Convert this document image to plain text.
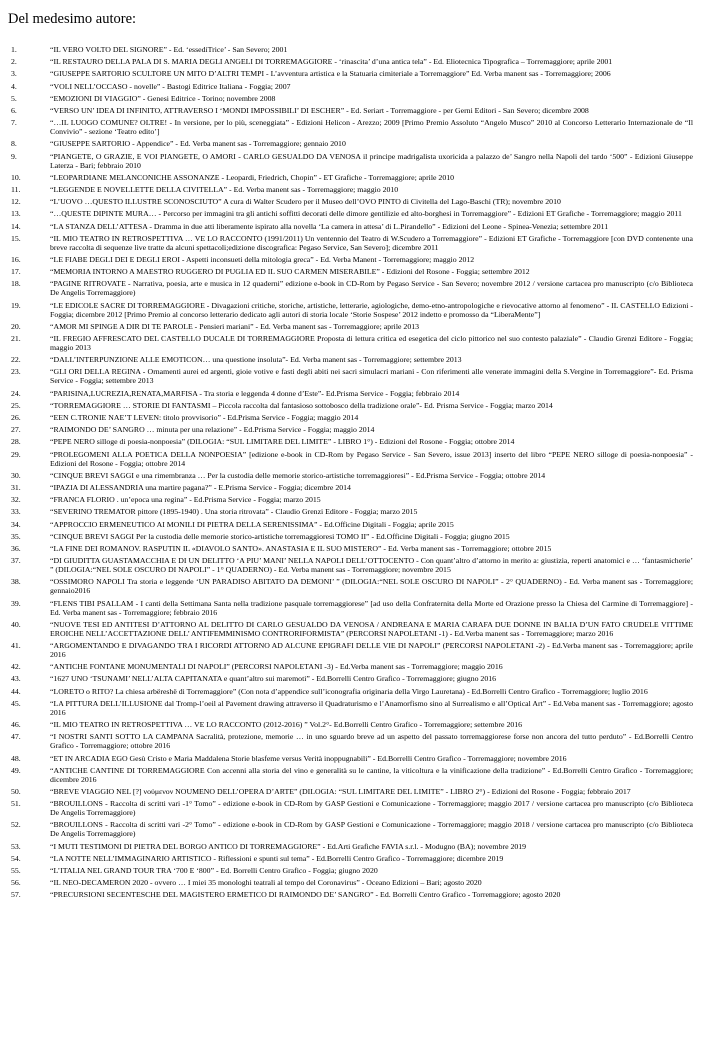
Del medesimo autore:
1.	“IL VERO VOLTO DEL SIGNORE” - Ed. ‘essediTrice’ - San Severo; 2001
2.	“IL RESTAURO DELLA PALA DI S. MARIA DEGLI ANGELI DI TORREMAGGIORE - ‘rinascita’ d’una antica tela” - Ed. Eliotecnica Tipografica – Torremaggiore; aprile 2001
3.	“GIUSEPPE SARTORIO SCULTORE UN MITO D’ALTRI TEMPI - L’avventura artistica e la Statuaria cimiteriale a Torremaggiore” Ed. Verba manent sas - Torremaggiore; 2006
4.	“VOLI NELL’OCCASO - novelle” - Bastogi Editrice Italiana - Foggia; 2007
5.	“EMOZIONI DI VIAGGIO” - Genesi Editrice - Torino; novembre 2008
6.	“VERSO UN’ IDEA DI INFINITO, ATTRAVERSO I ‘MONDI IMPOSSIBILI’ DI ESCHER” - Ed. Seriart - Torremaggiore - per Gerni Editori - San Severo; dicembre 2008
7.	“…IL LUOGO COMUNE? OLTRE! - In versione, per lo più, sceneggiata” - Edizioni Helicon - Arezzo; 2009 [Primo Premio Assoluto “Angelo Musco” 2010 al Concorso Letterario Internazionale de “Il Convivio” - sezione ‘Teatro edito’]
8.	“GIUSEPPE SARTORIO - Appendice” - Ed. Verba manent sas - Torremaggiore; gennaio 2010
9.	“PIANGETE, O GRAZIE, E VOI PIANGETE, O AMORI - CARLO GESUALDO DA VENOSA il principe madrigalista uxoricida a palazzo de’ Sangro nella Napoli del tardo ‘500” - Edizioni Giuseppe Laterza - Bari; febbraio 2010
10.	“LEOPARDIANE MELANCONICHE ASSONANZE - Leopardi, Friedrich, Chopin” - ET Grafiche - Torremaggiore; aprile 2010
11.	“LEGGENDE E NOVELLETTE DELLA CIVITELLA” - Ed. Verba manent sas - Torremaggiore; maggio 2010
12.	“L’UOVO …QUESTO ILLUSTRE SCONOSCIUTO” A cura di Walter Scudero per il Museo dell’OVO PINTO di Civitella del Lago-Baschi (TR); novembre 2010
13.	“…QUESTE DIPINTE MURA… - Percorso per immagini tra gli antichi soffitti decorati delle dimore gentilizie ed alto-borghesi in Torremaggiore” - Edizioni ET Grafiche - Torremaggiore; maggio 2011
14.	“LA STANZA DELL’ATTESA - Dramma in due atti liberamente ispirato alla novella ‘La camera in attesa’ di L.Pirandello” - Edizioni del Leone - Spinea-Venezia; settembre 2011
15.	“IL MIO TEATRO IN RETROSPETTIVA … VE LO RACCONTO (1991/2011) Un ventennio del Teatro di W.Scudero a Torremaggiore” - Edizioni ET Grafiche - Torremaggiore [con DVD contenente una breve raccolta di sequenze live tratte da alcuni spettacoli;edizione discografica: Pegaso Service, San Severo]; dicembre 2011
16.	“LE FIABE DEGLI DEI E DEGLI EROI - Aspetti inconsueti della mitologia greca” - Ed. Verba Manent - Torremaggiore; maggio 2012
17.	“MEMORIA INTORNO A MAESTRO RUGGERO DI PUGLIA ED IL SUO CARMEN MISERABILE” - Edizioni del Rosone - Foggia; settembre 2012
18.	“PAGINE RITROVATE - Narrativa, poesia, arte e musica in 12 quaderni” edizione e-book in CD-Rom by Pegaso Service - San Severo; novembre 2012 / versione cartacea pro manuscripto (c/o Biblioteca De Angelis Torremaggiore)
19.	“LE EDICOLE SACRE DI TORREMAGGIORE - Divagazioni critiche, storiche, artistiche, letterarie, agiologiche, demo-etno-antropologiche e rievocative attorno al fenomeno” - IL CASTELLO Edizioni - Foggia; dicembre 2012 [Primo Premio al concorso letterario dedicato agli autori di storia locale ‘Storie Sospese’ 2012 indetto e promosso da “LiberaMente”]
20.	“AMOR MI SPINGE A DIR DI TE PAROLE - Pensieri mariani” - Ed. Verba manent sas - Torremaggiore; aprile 2013
21.	“IL FREGIO AFFRESCATO DEL CASTELLO DUCALE DI TORREMAGGIORE Proposta di lettura critica ed esegetica del ciclo pittorico nel suo contesto palaziale” - Claudio Grenzi Editore - Foggia; maggio 2013
22.	“DALL’INTERPUNZIONE ALLE EMOTICON… una questione insoluta”- Ed. Verba manent sas - Torremaggiore; settembre 2013
23.	“GLI ORI DELLA REGINA - Ornamenti aurei ed argenti, gioie votive e fasti degli abiti nei sacri simulacri mariani - Con riferimenti alle venerate immagini della S.Vergine in Torremaggiore”- Ed. Prisma Service - Foggia; settembre 2013
24.	“PARISINA,LUCREZIA,RENATA,MARFISA - Tra storia e leggenda 4 donne d’Este”- Ed.Prisma Service - Foggia; febbraio 2014
25.	“TORREMAGGIORE … STORIE DI FANTASMI – Piccola raccolta dal fantasioso sottobosco della tradizione orale”- Ed. Prisma Service - Foggia; marzo 2014
26.	“EEN C.TRONIE NAE’T LEVEN: titolo provvisorio” - Ed.Prisma Service - Foggia; maggio 2014
27.	“RAIMONDO DE’ SANGRO … minuta per una relazione” - Ed.Prisma Service - Foggia; maggio 2014
28.	“PEPE NERO silloge di poesia-nonpoesia” (DILOGIA: “SUL LIMITARE DEL LIMITE” - LIBRO 1°) - Edizioni del Rosone - Foggia; ottobre 2014
29.	“PROLEGOMENI ALLA POETICA DELLA NONPOESIA” [edizione e-book in CD-Rom by Pegaso Service - San Severo, issue 2013] inserto del libro “PEPE NERO silloge di poesia-nonpoesia” - Edizioni del Rosone - Foggia; ottobre 2014
30.	“CINQUE BREVI SAGGI e una rimembranza … Per la custodia delle memorie storico-artistiche torremaggioresi” - Ed.Prisma Service - Foggia; ottobre 2014
31.	“IPAZIA DI ALESSANDRIA una martire pagana?” - E.Prisma Service - Foggia; dicembre 2014
32.	“FRANCA FLORIO . un’epoca una regina” - Ed.Prisma Service - Foggia; marzo 2015
33.	“SEVERINO TREMATOR pittore (1895-1940) . Una storia ritrovata” - Claudio Grenzi Editore - Foggia; marzo 2015
34.	“APPROCCIO ERMENEUTICO AI MONILI DI PIETRA DELLA SERENISSIMA” - Ed.Officine Digitali - Foggia; aprile 2015
35.	“CINQUE BREVI SAGGI Per la custodia delle memorie storico-artistiche torremaggioresi TOMO II” - Ed.Officine Digitali - Foggia; giugno 2015
36.	“LA FINE DEI ROMANOV. RASPUTIN IL «DIAVOLO SANTO». ANASTASIA E IL SUO MISTERO” - Ed. Verba manent sas - Torremaggiore; ottobre 2015
37.	“DI GIUDITTA GUASTAMACCHIA E DI UN DELITTO ‘A PIU’ MANI’ NELLA NAPOLI DELL’OTTOCENTO - Con quant’altro d’attorno in merito a: giustizia, reperti anatomici e … ‘fantasmicherie’ ” (DILOGIA:“NEL SOLE OSCURO DI NAPOLI” - 1° QUADERNO) - Ed. Verba manent sas - Torremaggiore; novembre 2015
38.	“OSSIMORO NAPOLI Tra storia e leggende ‘UN PARADISO ABITATO DA DEMONI’ ” (DILOGIA:“NEL SOLE OSCURO DI NAPOLI” - 2° QUADERNO) - Ed. Verba manent sas - Torremaggiore; gennaio2016
39.	“FLENS TIBI PSALLAM - I canti della Settimana Santa nella tradizione pasquale torremaggiorese” [ad uso della Confraternita della Morte ed Orazione presso la Chiesa del Carmine di Torremaggiore] - Ed. Verba manent sas - Torremaggiore; febbraio 2016
40.	“NUOVE TESI ED ANTITESI D’ATTORNO AL DELITTO DI CARLO GESUALDO DA VENOSA / ANDREANA E MARIA CARAFA DUE DONNE IN BALIA D’UN FATO CRUDELE VITTIME EROICHE NELL’ACCETTAZIONE DELL’ ANTIFEMMINISMO CONTRORIFORMISTA” (PERCORSI NAPOLETANI -1) - Ed.Verba manent sas - Torremaggiore; marzo 2016
41.	“ARGOMENTANDO E DIVAGANDO TRA I RICORDI ATTORNO AD ALCUNE EPIGRAFI DELLE VIE DI NAPOLI” (PERCORSI NAPOLETANI -2) - Ed.Verba manent sas - Torremaggiore; aprile 2016
42.	“ANTICHE FONTANE MONUMENTALI DI NAPOLI” (PERCORSI NAPOLETANI -3) - Ed.Verba manent sas - Torremaggiore; maggio 2016
43.	“1627 UNO ‘TSUNAMI’ NELL’ALTA CAPITANATA e quant’altro sui maremoti” - Ed.Borrelli Centro Grafico - Torremaggiore; giugno 2016
44.	“LORETO o RITO? La chiesa arbëreshë di Torremaggiore” (Con nota d’appendice sull’iconografia originaria della Virgo Lauretana) - Ed.Borrelli Centro Grafico - Torremaggiore; luglio 2016
45.	“LA PITTURA DELL’ILLUSIONE dal Tromp-l’oeil al Pavement drawing attraverso il Quadraturismo e l’Anamorfismo sino al Surrealismo e all’Optical Art” - Ed.Veba manent sas - Torremaggiore; agosto 2016
46.	“IL MIO TEATRO IN RETROSPETTIVA … VE LO RACCONTO (2012-2016) ” Vol.2°- Ed.Borrelli Centro Grafico - Torremaggiore; settembre 2016
47.	“I NOSTRI SANTI SOTTO LA CAMPANA Sacralità, protezione, memorie … in uno sguardo breve ad un aspetto del passato torremaggiorese forse non ancora del tutto perduto” - Ed.Borrelli Centro Grafico - Torremaggiore; ottobre 2016
48.	“ET IN ARCADIA EGO Gesù Cristo e Maria Maddalena Storie blasfeme versus Verità inoppugnabili” - Ed.Borrelli Centro Grafico - Torremaggiore; novembre 2016
49.	“ANTICHE CANTINE DI TORREMAGGIORE Con accenni alla storia del vino e generalità su le cantine, la viticoltura e la vinificazione della tradizione” - Ed.Borrelli Centro Grafico - Torremaggiore; dicembre 2016
50.	“BREVE VIAGGIO NEL [?] νούμενον NOUMENO DELL’OPERA D’ARTE” (DILOGIA: “SUL LIMITARE DEL LIMITE” - LIBRO 2°) - Edizioni del Rosone - Foggia; febbraio 2017
51.	“BROUILLONS - Raccolta di scritti vari -1° Tomo” - edizione e-book in CD-Rom by GASP Gestioni e Comunicazione - Torremaggiore; maggio 2017 / versione cartacea pro manuscripto (c/o Biblioteca De Angelis Torremaggiore)
52.	“BROUILLONS - Raccolta di scritti vari -2° Tomo” - edizione e-book in CD-Rom by GASP Gestioni e Comunicazione - Torremaggiore; maggio 2018 / versione cartacea pro manuscripto (c/o Biblioteca De Angelis Torremaggiore)
53.	“I MUTI TESTIMONI DI PIETRA DEL BORGO ANTICO DI TORREMAGGIORE” - Ed.Arti Grafiche FAVIA s.r.l. - Modugno (BA); novembre 2019
54.	“LA NOTTE NELL’IMMAGINARIO ARTISTICO - Riflessioni e spunti sul tema” - Ed.Borrelli Centro Grafico - Torremaggiore; dicembre 2019
55.	“L’ITALIA NEL GRAND TOUR TRA ‘700 E ‘800” - Ed. Borrelli Centro Grafico - Foggia; giugno 2020
56.	“IL NEO-DECAMERON 2020 - ovvero … I miei 35 monologhi teatrali al tempo del Coronavirus” - Oceano Edizioni – Bari; agosto 2020
57.	“PRECURSIONI SECENTESCHE DEL MAGISTERO ERMETICO DI RAIMONDO DE’ SANGRO” - Ed. Borrelli Centro Grafico - Torremaggiore; agosto 2020
